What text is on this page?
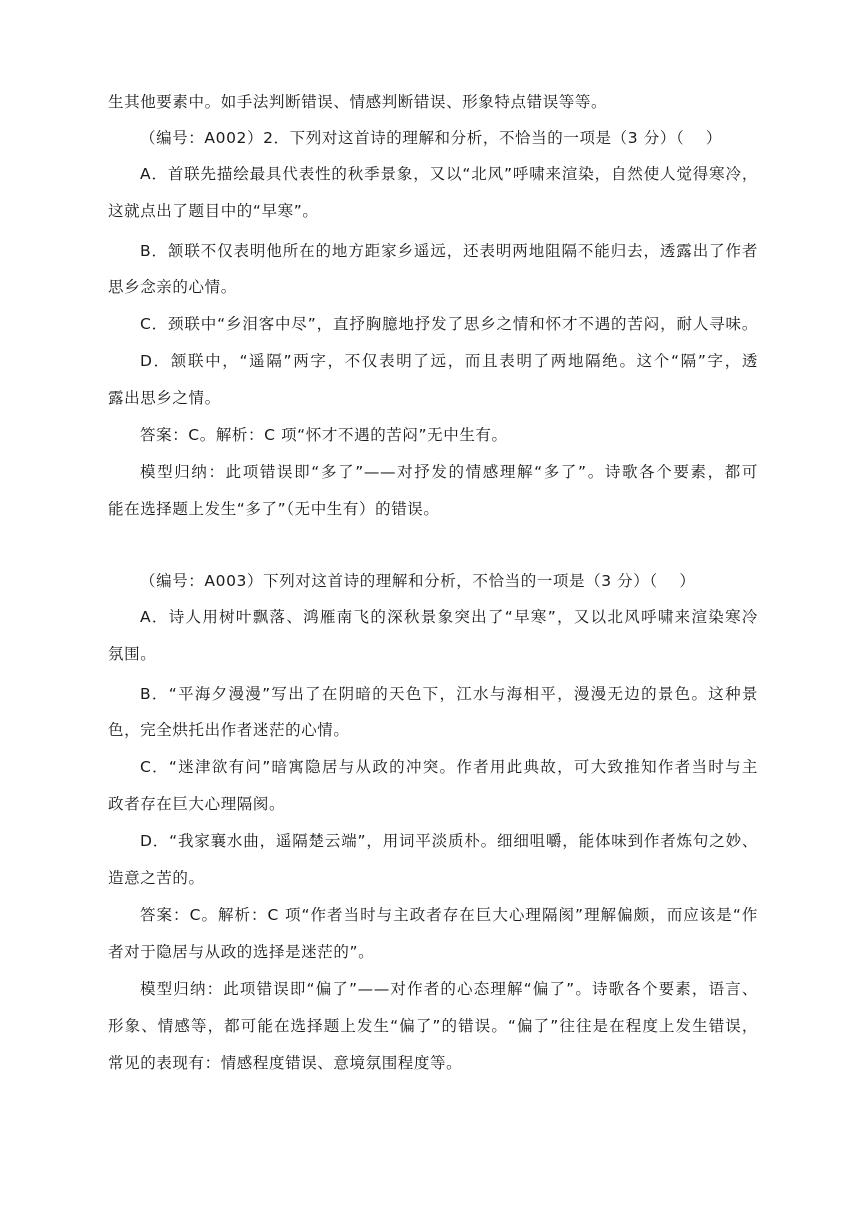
生其他要素中。如手法判断错误、情感判断错误、形象特点错误等等。
（编号：A002）2．下列对这首诗的理解和分析，不恰当的一项是（3 分）（　 ）
A．首联先描绘最具代表性的秋季景象，又以“北风”呼啸来渲染，自然使人觉得寒冷，
这就点出了题目中的“早寒”。
B．颔联不仅表明他所在的地方距家乡遥远，还表明两地阻隔不能归去，透露出了作者
思乡念亲的心情。
C．颈联中“乡泪客中尽”，直抒胸臆地抒发了思乡之情和怀才不遇的苦闷，耐人寻味。
D．颔联中，“遥隔”两字，不仅表明了远，而且表明了两地隔绝。这个“隔”字，透
露出思乡之情。
答案：C。解析：C 项“怀才不遇的苦闷”无中生有。
模型归纳：此项错误即“多了”——对抒发的情感理解“多了”。诗歌各个要素，都可
能在选择题上发生“多了”（无中生有）的错误。
（编号：A003）下列对这首诗的理解和分析，不恰当的一项是（3 分）（　 ）
A．诗人用树叶飘落、鸿雁南飞的深秋景象突出了“早寒”，又以北风呼啸来渲染寒冷
氛围。
B．“平海夕漫漫”写出了在阴暗的天色下，江水与海相平，漫漫无边的景色。这种景
色，完全烘托出作者迷茫的心情。
C．“迷津欲有问”暗寓隐居与从政的冲突。作者用此典故，可大致推知作者当时与主
政者存在巨大心理隔阂。
D．“我家襄水曲，遥隔楚云端”，用词平淡质朴。细细咀嚼，能体味到作者炼句之妙、
造意之苦的。
答案：C。解析：C 项“作者当时与主政者存在巨大心理隔阂”理解偏颇，而应该是“作
者对于隐居与从政的选择是迷茫的”。
模型归纳：此项错误即“偏了”——对作者的心态理解“偏了”。诗歌各个要素，语言、
形象、情感等，都可能在选择题上发生“偏了”的错误。“偏了”往往是在程度上发生错误，
常见的表现有：情感程度错误、意境氛围程度等。
